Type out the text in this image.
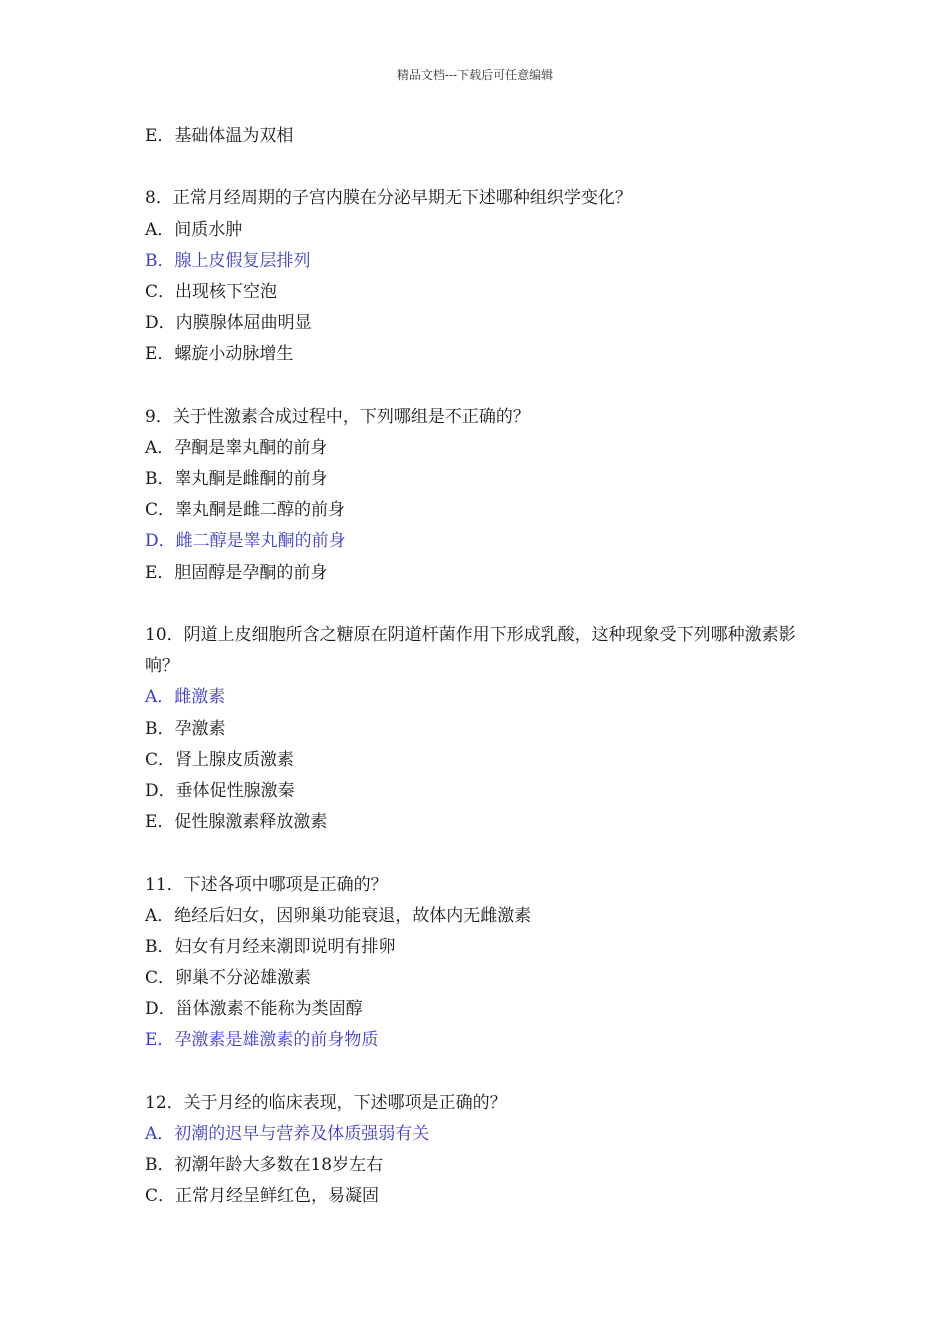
精品文档---下载后可任意编辑
E．基础体温为双相
8．正常月经周期的子宫内膜在分泌早期无下述哪种组织学变化？
A．间质水肿
B．腺上皮假复层排列
C．出现核下空泡
D．内膜腺体屈曲明显
E．螺旋小动脉增生
9．关于性激素合成过程中，下列哪组是不正确的？
A．孕酮是睾丸酮的前身
B．睾丸酮是雌酮的前身
C．睾丸酮是雌二醇的前身
D．雌二醇是睾丸酮的前身
E．胆固醇是孕酮的前身
10．阴道上皮细胞所含之糖原在阴道杆菌作用下形成乳酸，这种现象受下列哪种激素影响？
A．雌激素
B．孕激素
C．肾上腺皮质激素
D．垂体促性腺激秦
E．促性腺激素释放激素
11．下述各项中哪项是正确的？
A．绝经后妇女，因卵巢功能衰退，故体内无雌激素
B．妇女有月经来潮即说明有排卵
C．卵巢不分泌雄激素
D．甾体激素不能称为类固醇
E．孕激素是雄激素的前身物质
12．关于月经的临床表现，下述哪项是正确的？
A．初潮的迟早与营养及体质强弱有关
B．初潮年龄大多数在18岁左右
C．正常月经呈鲜红色，易凝固
